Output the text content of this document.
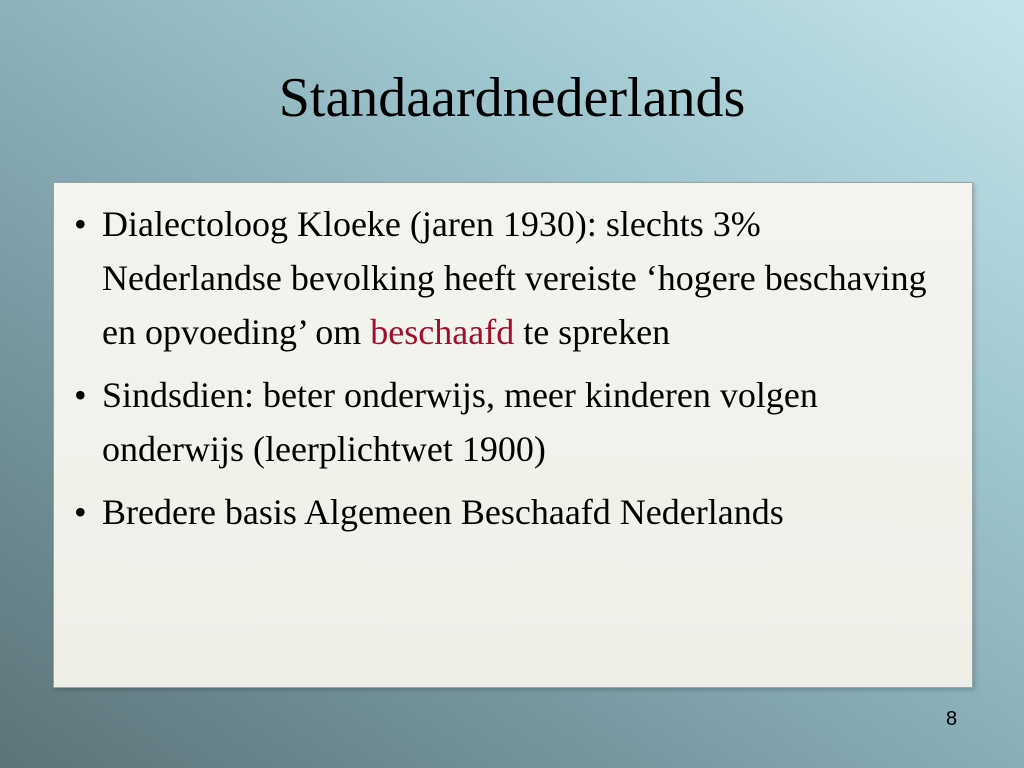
Standaardnederlands
• Dialectoloog Kloeke (jaren 1930): slechts 3% Nederlandse bevolking heeft vereiste ‘hogere beschaving en opvoeding’ om beschaafd te spreken
• Sindsdien: beter onderwijs, meer kinderen volgen onderwijs (leerplichtwet 1900)
• Bredere basis Algemeen Beschaafd Nederlands
8
